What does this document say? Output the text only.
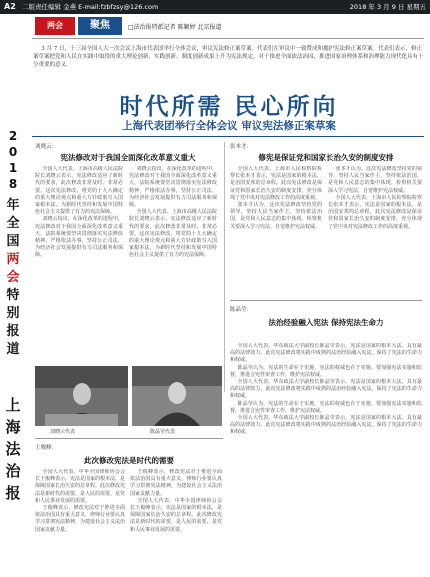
A2 二版责任编辑 金燕 E-mail:fzbfzsy@126.com	2018 年 3 月 9 日 星期五
2
0
1
8
年
全
国
两
会
特
别
报
道
上
海
法
治
报
两会	聚焦	□法治报特派记者 陈颖婷 北京报道
3 月 7 日，十三届全国人大一次会议上海市代表团举行全体会议，审议宪法修正案草案。代表们在审议中一致赞成和拥护宪法修正案草案。代表们表示，修正案草案把党和人民在实践中取得的重大理论创新、实践创新、制度创新成果上升为宪法规定，对于推进全面依法治国、推进国家治理体系和治理能力现代化具有十分重要的意义。
时代所需 民心所向
上海代表团举行全体会议 审议宪法修正案草案
刘晓云：
宪法修改对于我国全面深化改革意义重大

全国人大代表、上海市高级人民法院院长刘晓云表示，宪法修改适应了新时代的要求，此次修改非常及时、非常必要。这次宪法修改，将党的十九大确定的重大理论观点和重大方针政策写入国家根本法，为新时代坚持和发展中国特色社会主义提供了有力的宪法保障。

刘晓云指出，在深化改革的进程中，宪法修改对于我国全面深化改革意义重大，法院系统要坚决贯彻落实宪法修改精神，严格依法办事，坚持公正司法，为经济社会发展提供有力司法服务和保障。

刘晓云指出，在深化改革的进程中，宪法修改对于我国全面深化改革意义重大，法院系统要坚决贯彻落实宪法修改精神，严格依法办事，坚持公正司法，为经济社会发展提供有力司法服务和保障。

全国人大代表、上海市高级人民法院院长刘晓云表示，宪法修改适应了新时代的要求，此次修改非常及时、非常必要。这次宪法修改，将党的十九大确定的重大理论观点和重大方针政策写入国家根本法，为新时代坚持和发展中国特色社会主义提供了有力的宪法保障。

张本才：
修宪是保证党和国家长治久安的制度安排

全国人大代表、上海市人民检察院检察长张本才表示，宪法是国家的根本法，是治国安邦的总章程。此次宪法修改是保证党和国家长治久安的制度安排，充分体现了党中央对宪法修改工作的高度重视。

张本才认为，这次宪法修改坚持党的领导，坚持人民当家作主，坚持依法治国，是党和人民意志的集中体现。检察机关要深入学习宪法，自觉维护宪法权威。

张本才认为，这次宪法修改坚持党的领导，坚持人民当家作主，坚持依法治国，是党和人民意志的集中体现。检察机关要深入学习宪法，自觉维护宪法权威。

全国人大代表、上海市人民检察院检察长张本才表示，宪法是国家的根本法，是治国安邦的总章程。此次宪法修改是保证党和国家长治久安的制度安排，充分体现了党中央对宪法修改工作的高度重视。

刘晓云代表	陈晶莹代表
陈晶莹：
法治经验融入宪法 保持宪法生命力

全国人大代表、华东政法大学副校长陈晶莹表示，宪法是国家的根本大法，具有最高的法律效力。此次宪法修改将实践中成熟的法治经验融入宪法，保持了宪法的生命力和权威。

陈晶莹认为，宪法的生命在于实施，宪法的权威也在于实施。要加强宪法实施和监督，推进合宪性审查工作，维护宪法权威。

全国人大代表、华东政法大学副校长陈晶莹表示，宪法是国家的根本大法，具有最高的法律效力。此次宪法修改将实践中成熟的法治经验融入宪法，保持了宪法的生命力和权威。

陈晶莹认为，宪法的生命在于实施，宪法的权威也在于实施。要加强宪法实施和监督，推进合宪性审查工作，维护宪法权威。

全国人大代表、华东政法大学副校长陈晶莹表示，宪法是国家的根本大法，具有最高的法律效力。此次宪法修改将实践中成熟的法治经验融入宪法，保持了宪法的生命力和权威。

王俊峰：
此次修改宪法是时代的需要

全国人大代表、中华全国律师协会会长王俊峰表示，宪法是国家的根本法，是保障国家长治久安的总章程。此次修改宪法是新时代的需要，是人民的需要，是党和人民事业发展的需要。

王俊峰表示，修改宪法对于推进全面依法治国具有重大意义，律师行业要认真学习贯彻宪法精神，为建设社会主义法治国家贡献力量。

王俊峰表示，修改宪法对于推进全面依法治国具有重大意义，律师行业要认真学习贯彻宪法精神，为建设社会主义法治国家贡献力量。

全国人大代表、中华全国律师协会会长王俊峰表示，宪法是国家的根本法，是保障国家长治久安的总章程。此次修改宪法是新时代的需要，是人民的需要，是党和人民事业发展的需要。
